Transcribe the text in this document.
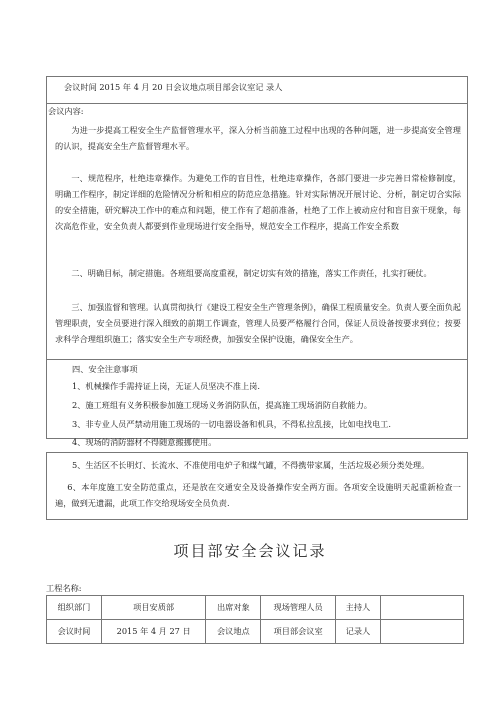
会议时间 2015 年 4 月 20 日会议地点项目部会议室记 录人
会议内容:
为进一步提高工程安全生产监督管理水平，深入分析当前施工过程中出现的各种问题，进一步提高安全管理的认识，提高安全生产监督管理水平。
一、规范程序，杜绝违章操作。为避免工作的盲目性，杜绝违章操作，各部门要进一步完善日常检修制度，明确工作程序，制定详细的危险情况分析和相应的防范应急措施。针对实际情况开展讨论、分析，制定切合实际的安全措施，研究解决工作中的难点和问题，使工作有了超前准备，杜绝了工作上被动应付和盲目蛮干现象，每次高危作业，安全负责人都要到作业现场进行安全指导，规范安全工作程序，提高工作安全系数
二、明确目标，制定措施。各班组要高度重视，制定切实有效的措施，落实工作责任，扎实打硬仗。
三、加强监督和管理。认真贯彻执行《建设工程安全生产管理条例》，确保工程质量安全。负责人要全面负起管理职责，安全员要进行深入细致的前期工作调查，管理人员要严格履行合同，保证人员设备按要求到位；按要求科学合理组织施工；落实安全生产专项经费，加强安全保护设施，确保安全生产。
四、安全注意事项
1、机械操作手需持证上岗，无证人员坚决不准上岗.
2、施工班组有义务积极参加施工现场义务消防队伍，提高施工现场消防自救能力。
3、非专业人员严禁动用施工现场的一切电器设备和机具，不得私拉乱接，比如电找电工.
4、现场的消防器材不得随意搬挪使用。
5、生活区不长明灯、长流水、不准使用电炉子和煤气罐，不得携带家属，生活垃圾必须分类处理。
6、本年度施工安全防范重点，还是放在交通安全及设备操作安全两方面。各项安全设施明天起重新检查一遍，做到无遗漏，此项工作交给现场安全员负责.
项目部安全会议记录
工程名称:
组织部门	项目安质部	出席对象	现场管理人员	主持人	
会议时间	2015 年 4 月 27 日	会议地点	项目部会议室	记录人	
